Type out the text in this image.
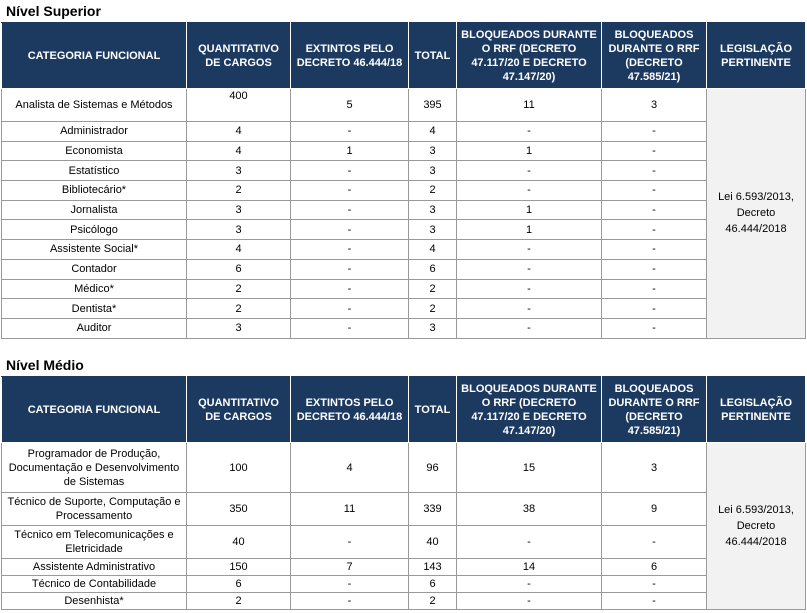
Nível Superior
CATEGORIA FUNCIONAL	QUANTITATIVO DE CARGOS	EXTINTOS PELO DECRETO 46.444/18	TOTAL	BLOQUEADOS DURANTE O RRF (DECRETO 47.117/20 E DECRETO 47.147/20)	BLOQUEADOS DURANTE O RRF (DECRETO 47.585/21)	LEGISLAÇÃO PERTINENTE
Analista de Sistemas e Métodos	400	5	395	11	3	Lei 6.593/2013, Decreto 46.444/2018
Administrador	4	-	4	-	-	
Economista	4	1	3	1	-	
Estatístico	3	-	3	-	-	
Bibliotecário*	2	-	2	-	-	
Jornalista	3	-	3	1	-	
Psicólogo	3	-	3	1	-	
Assistente Social*	4	-	4	-	-	
Contador	6	-	6	-	-	
Médico*	2	-	2	-	-	
Dentista*	2	-	2	-	-	
Auditor	3	-	3	-	-	
Nível Médio
CATEGORIA FUNCIONAL	QUANTITATIVO DE CARGOS	EXTINTOS PELO DECRETO 46.444/18	TOTAL	BLOQUEADOS DURANTE O RRF (DECRETO 47.117/20 E DECRETO 47.147/20)	BLOQUEADOS DURANTE O RRF (DECRETO 47.585/21)	LEGISLAÇÃO PERTINENTE
Programador de Produção, Documentação e Desenvolvimento de Sistemas	100	4	96	15	3	Lei 6.593/2013, Decreto 46.444/2018
Técnico de Suporte, Computação e Processamento	350	11	339	38	9	
Técnico em Telecomunicações e Eletricidade	40	-	40	-	-	
Assistente Administrativo	150	7	143	14	6	
Técnico de Contabilidade	6	-	6	-	-	
Desenhista*	2	-	2	-	-	
